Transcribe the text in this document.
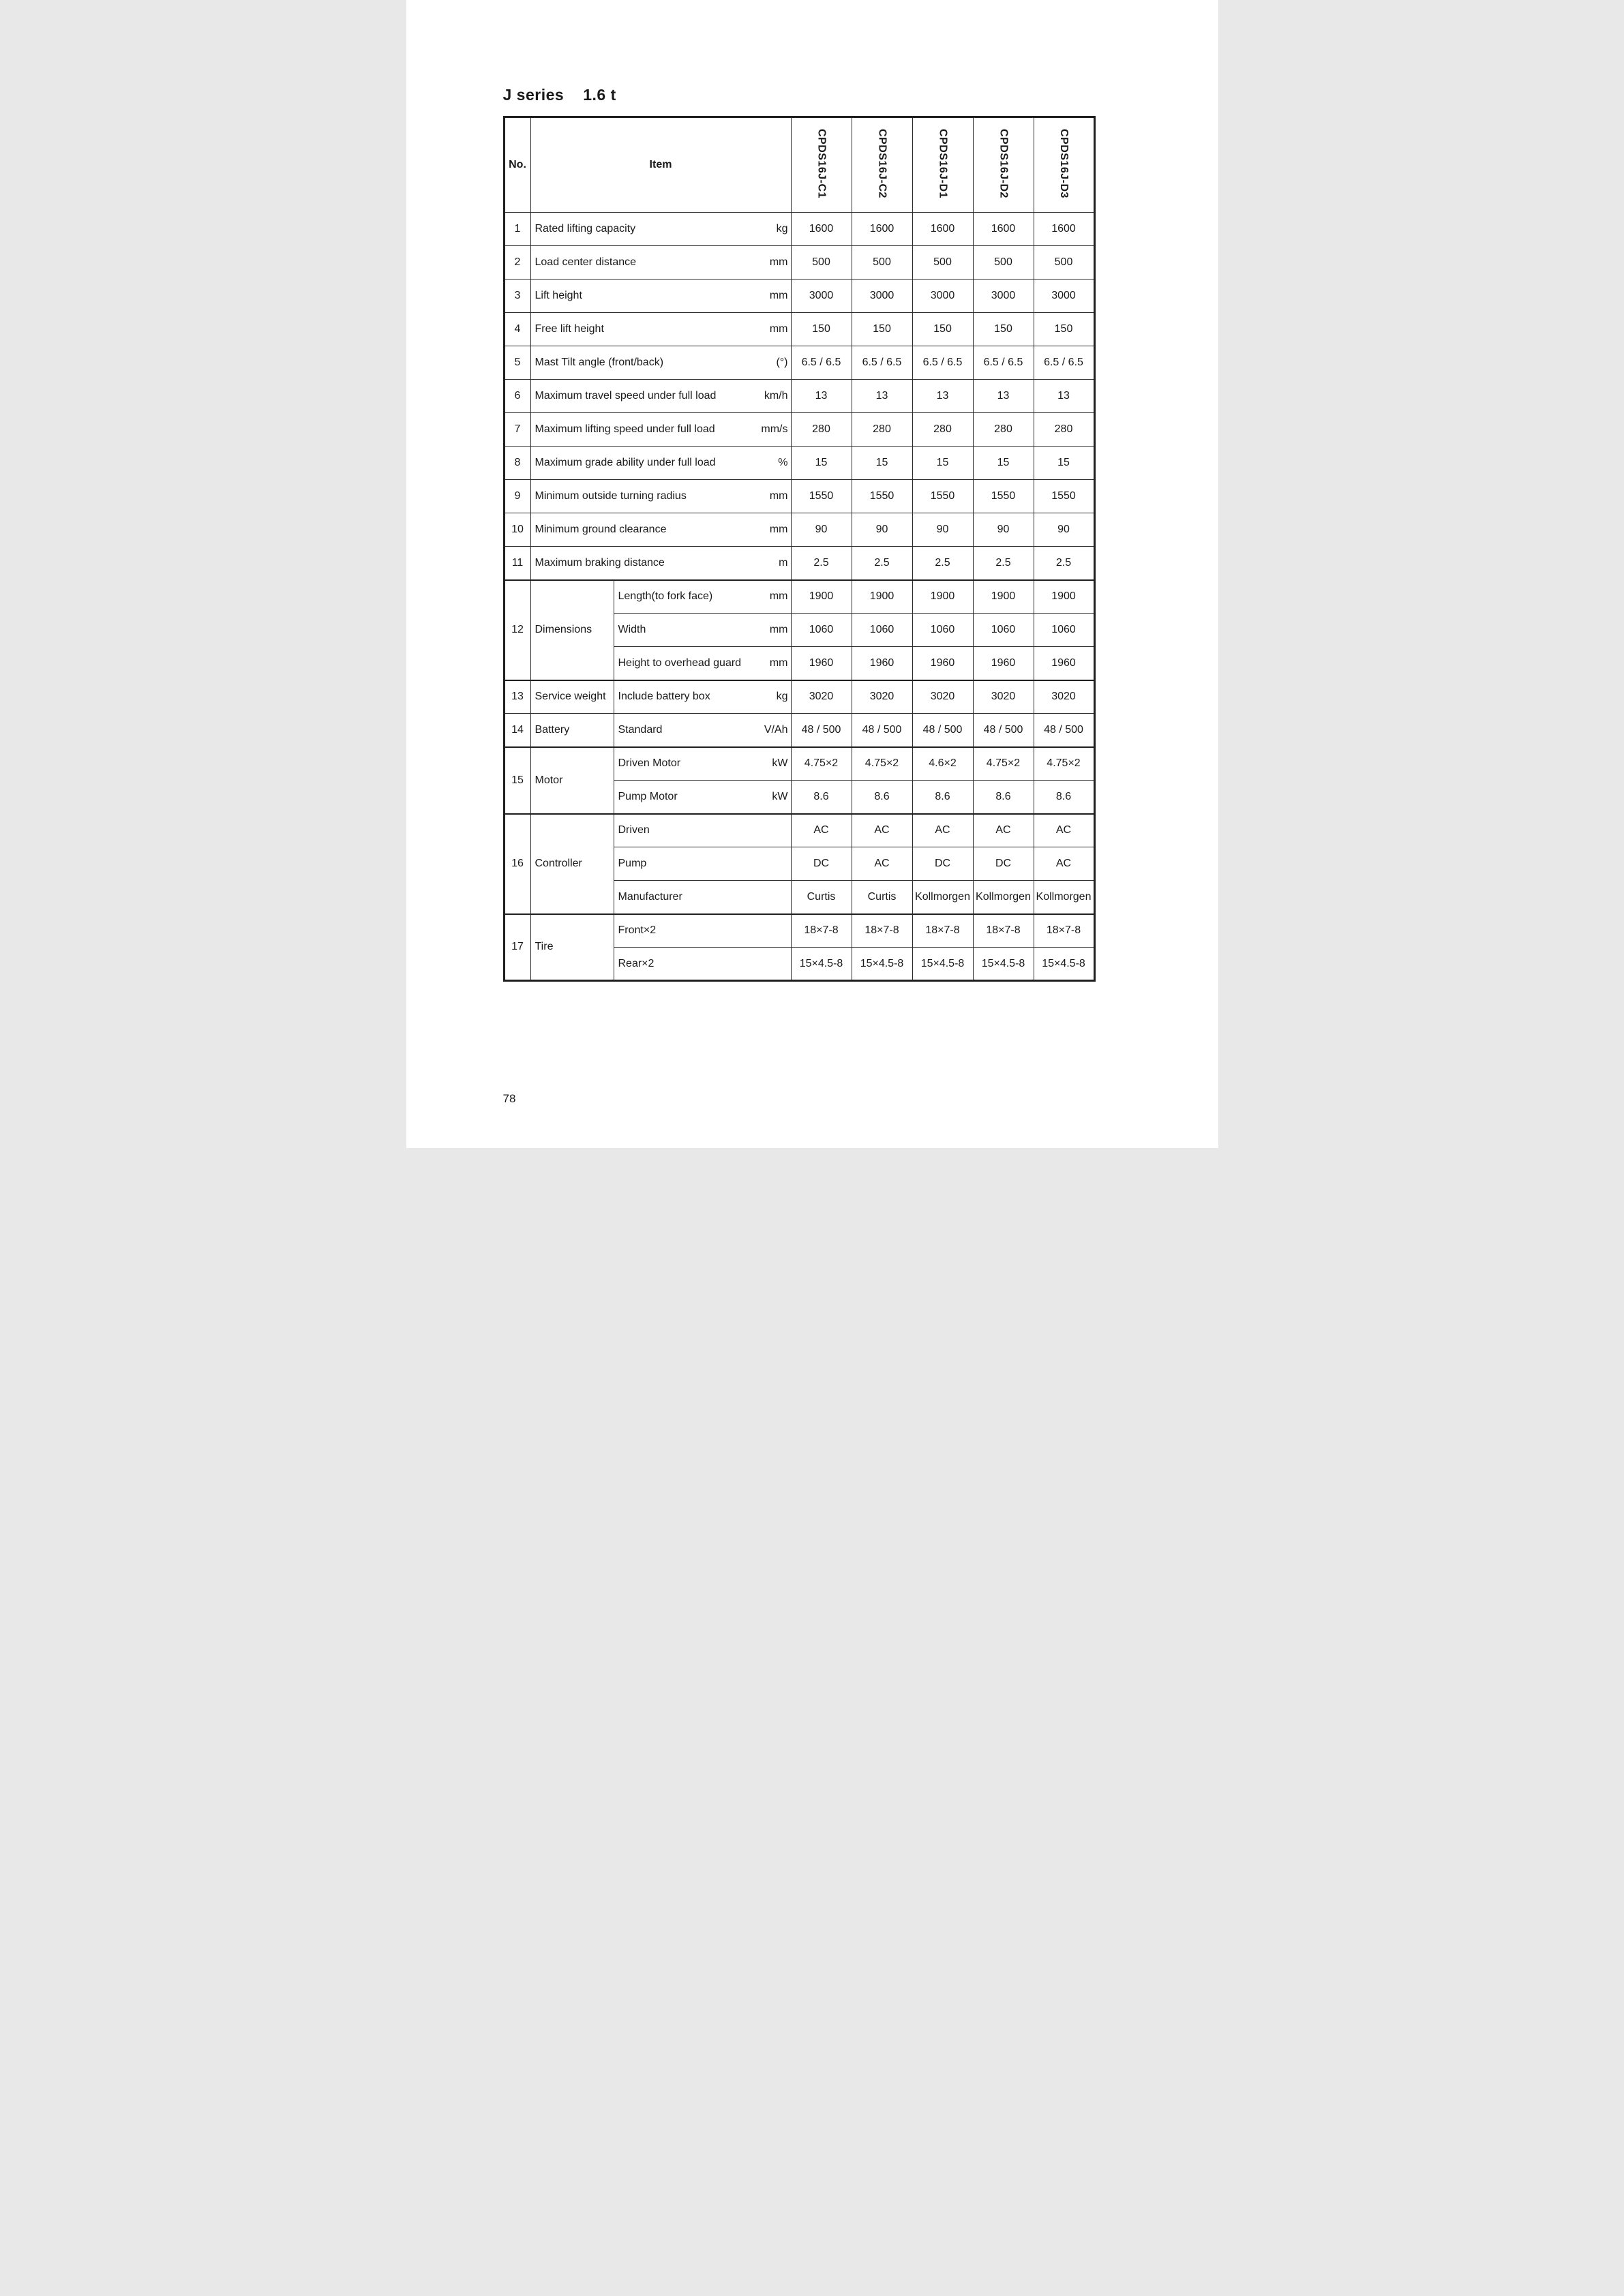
J series 1.6 t
No.	Item		CPDS16J-C1	CPDS16J-C2	CPDS16J-D1	CPDS16J-D2	CPDS16J-D3
1	Rated lifting capacity kg		1600	1600	1600	1600	1600
2	Load center distance mm		500	500	500	500	500
3	Lift height mm		3000	3000	3000	3000	3000
4	Free lift height mm		150	150	150	150	150
5	Mast Tilt angle (front/back) (°)		6.5 / 6.5	6.5 / 6.5	6.5 / 6.5	6.5 / 6.5	6.5 / 6.5
6	Maximum travel speed under full load km/h		13	13	13	13	13
7	Maximum lifting speed under full load mm/s		280	280	280	280	280
8	Maximum grade ability under full load %		15	15	15	15	15
9	Minimum outside turning radius mm		1550	1550	1550	1550	1550
10	Minimum ground clearance mm		90	90	90	90	90
11	Maximum braking distance m		2.5	2.5	2.5	2.5	2.5
12	Dimensions	Length(to fork face) mm	1900	1900	1900	1900	1900

		Width mm	1060	1060	1060	1060	1060

		Height to overhead guard mm	1960	1960	1960	1960	1960
13	Service weight	Include battery box kg	3020	3020	3020	3020	3020
14	Battery	Standard V/Ah	48 / 500	48 / 500	48 / 500	48 / 500	48 / 500
15	Motor	Driven Motor kW	4.75×2	4.75×2	4.6×2	4.75×2	4.75×2

		Pump Motor kW	8.6	8.6	8.6	8.6	8.6
16	Controller	Driven	AC	AC	AC	AC	AC

		Pump	DC	AC	DC	DC	AC

		Manufacturer	Curtis	Curtis	Kollmorgen	Kollmorgen	Kollmorgen
17	Tire	Front×2	18×7-8	18×7-8	18×7-8	18×7-8	18×7-8

		Rear×2	15×4.5-8	15×4.5-8	15×4.5-8	15×4.5-8	15×4.5-8
78
